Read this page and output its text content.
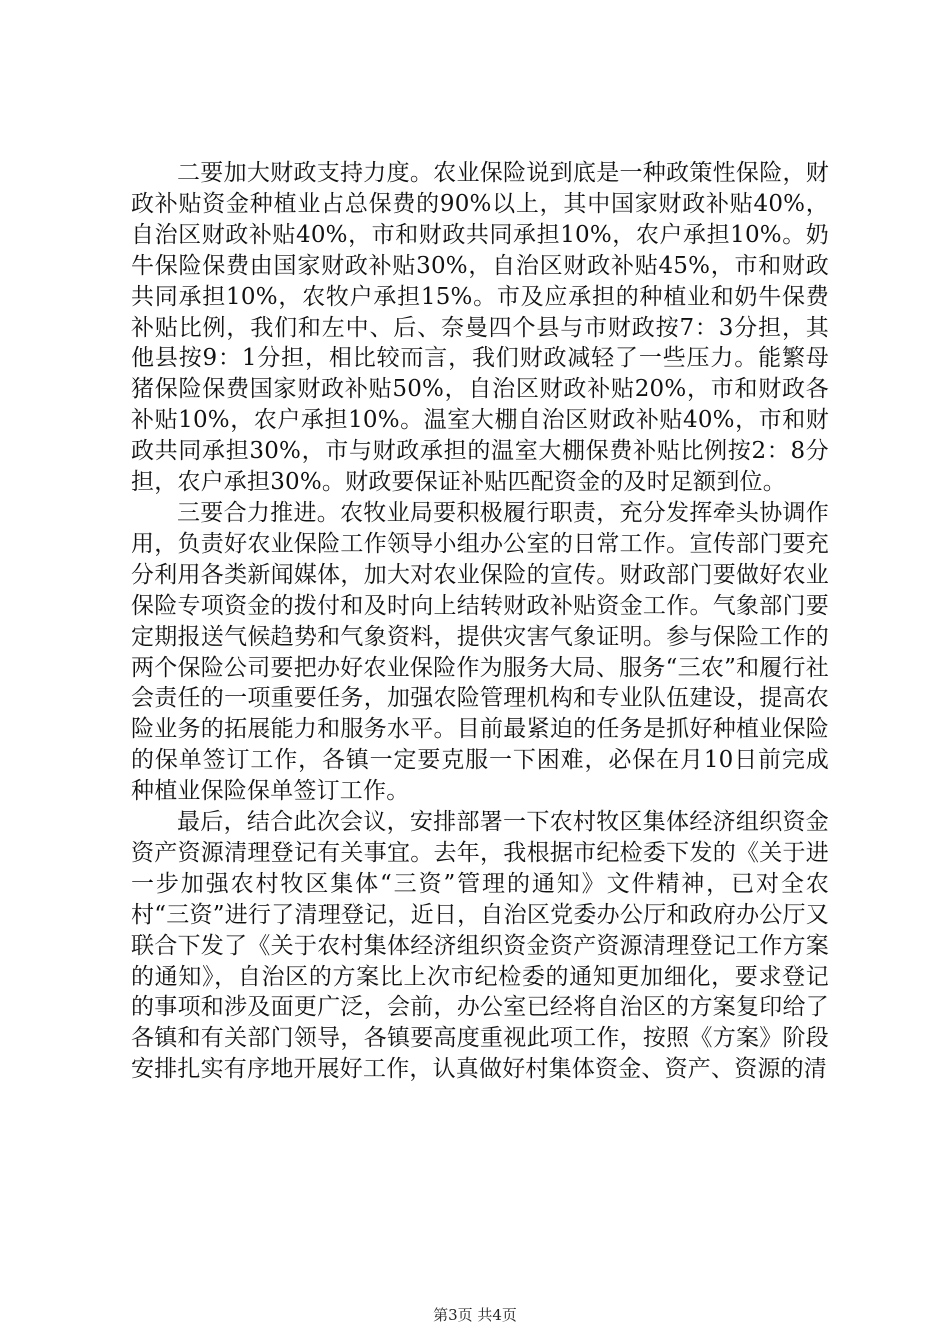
二要加大财政支持力度。农业保险说到底是一种政策性保险，财政补贴资金种植业占总保费的90%以上，其中国家财政补贴40%，自治区财政补贴40%，市和财政共同承担10%，农户承担10%。奶牛保险保费由国家财政补贴30%，自治区财政补贴45%，市和财政共同承担10%，农牧户承担15%。市及应承担的种植业和奶牛保费补贴比例，我们和左中、后、奈曼四个县与市财政按7：3分担，其他县按9：1分担，相比较而言，我们财政减轻了一些压力。能繁母猪保险保费国家财政补贴50%，自治区财政补贴20%，市和财政各补贴10%，农户承担10%。温室大棚自治区财政补贴40%，市和财政共同承担30%，市与财政承担的温室大棚保费补贴比例按2：8分担，农户承担30%。财政要保证补贴匹配资金的及时足额到位。

三要合力推进。农牧业局要积极履行职责，充分发挥牵头协调作用，负责好农业保险工作领导小组办公室的日常工作。宣传部门要充分利用各类新闻媒体，加大对农业保险的宣传。财政部门要做好农业保险专项资金的拨付和及时向上结转财政补贴资金工作。气象部门要定期报送气候趋势和气象资料，提供灾害气象证明。参与保险工作的两个保险公司要把办好农业保险作为服务大局、服务“三农”和履行社会责任的一项重要任务，加强农险管理机构和专业队伍建设，提高农险业务的拓展能力和服务水平。目前最紧迫的任务是抓好种植业保险的保单签订工作，各镇一定要克服一下困难，必保在月10日前完成种植业保险保单签订工作。

最后，结合此次会议，安排部署一下农村牧区集体经济组织资金资产资源清理登记有关事宜。去年，我根据市纪检委下发的《关于进一步加强农村牧区集体“三资”管理的通知》文件精神，已对全农村“三资”进行了清理登记，近日，自治区党委办公厅和政府办公厅又联合下发了《关于农村集体经济组织资金资产资源清理登记工作方案的通知》，自治区的方案比上次市纪检委的通知更加细化，要求登记的事项和涉及面更广泛，会前，办公室已经将自治区的方案复印给了各镇和有关部门领导，各镇要高度重视此项工作，按照《方案》阶段安排扎实有序地开展好工作，认真做好村集体资金、资产、资源的清

第3页 共4页
